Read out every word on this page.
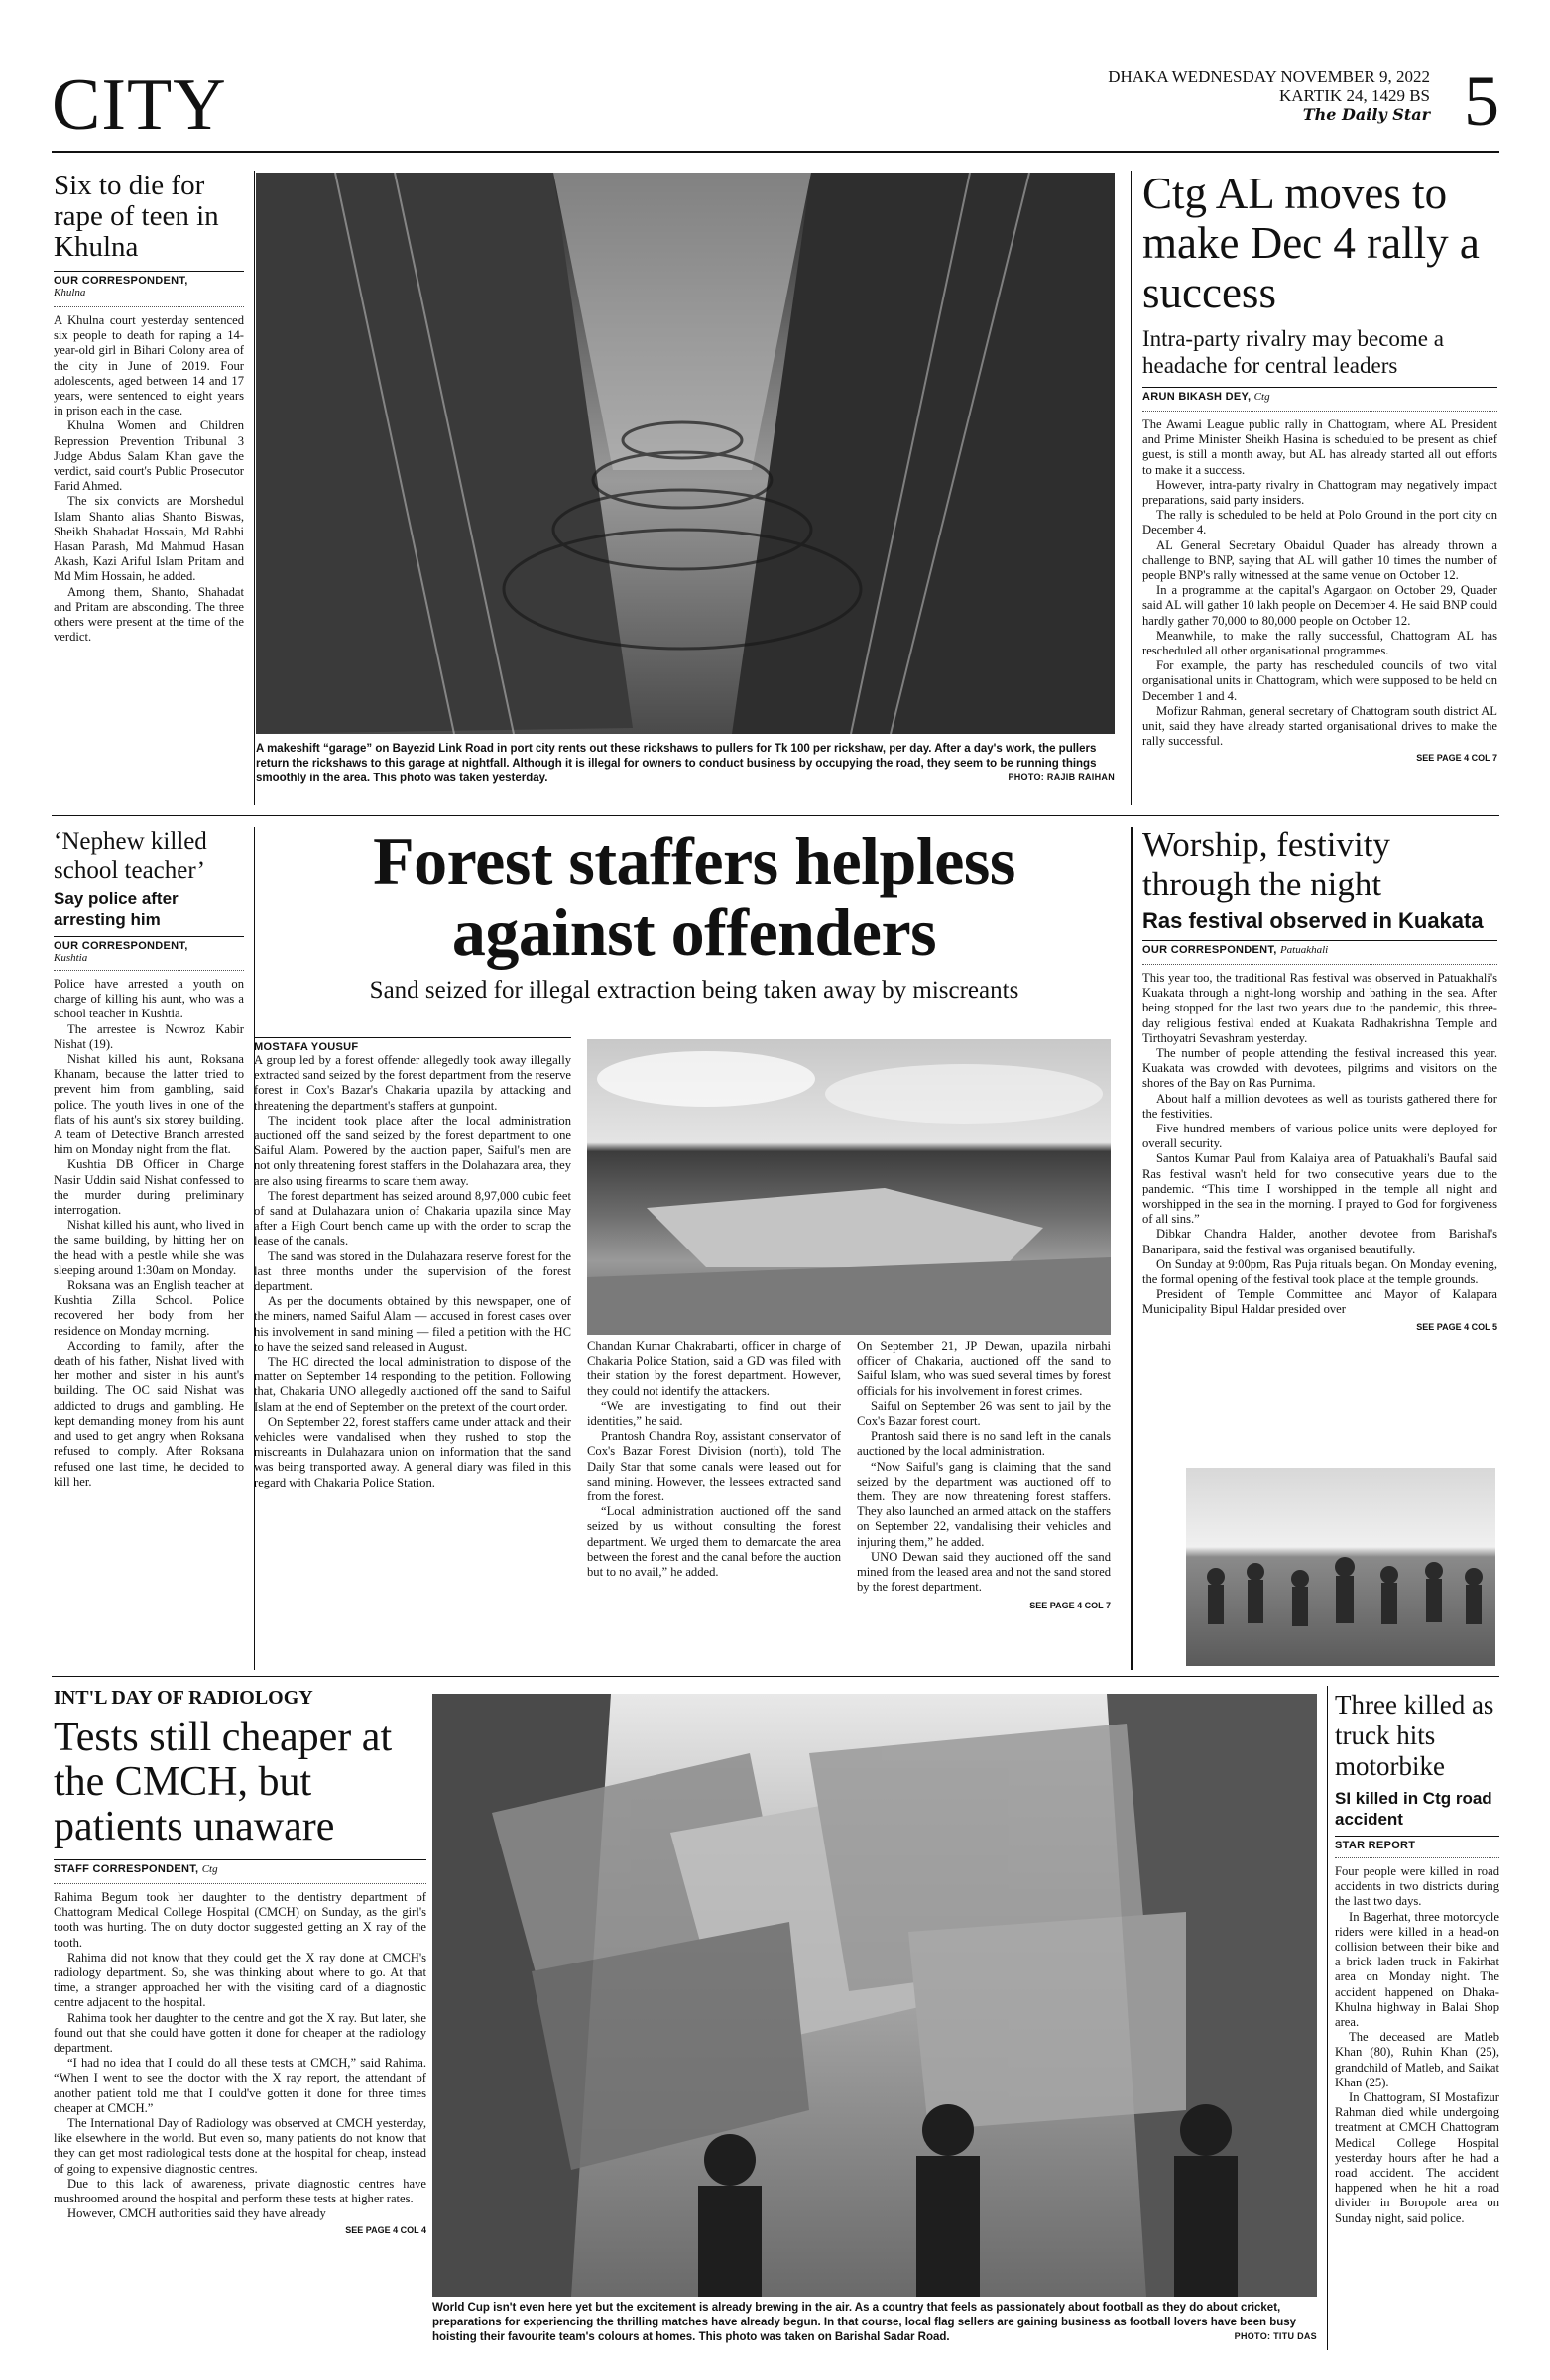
CITY	DHAKA WEDNESDAY NOVEMBER 9, 2022
KARTIK 24, 1429 BS
The Daily Star 5
Six to die for rape of teen in Khulna
OUR CORRESPONDENT,
Khulna

A Khulna court yesterday sentenced six people to death for raping a 14-year-old girl in Bihari Colony area of the city in June of 2019. Four adolescents, aged between 14 and 17 years, were sentenced to eight years in prison each in the case.

Khulna Women and Children Repression Prevention Tribunal 3 Judge Abdus Salam Khan gave the verdict, said court's Public Prosecutor Farid Ahmed.

The six convicts are Morshedul Islam Shanto alias Shanto Biswas, Sheikh Shahadat Hossain, Md Rabbi Hasan Parash, Md Mahmud Hasan Akash, Kazi Ariful Islam Pritam and Md Mim Hossain, he added.

Among them, Shanto, Shahadat and Pritam are absconding. The three others were present at the time of the verdict.

A makeshift “garage” on Bayezid Link Road in port city rents out these rickshaws to pullers for Tk 100 per rickshaw, per day. After a day's work, the pullers return the rickshaws to this garage at nightfall. Although it is illegal for owners to conduct business by occupying the road, they seem to be running things smoothly in the area. This photo was taken yesterday.	PHOTO: RAJIB RAIHAN
Ctg AL moves to make Dec 4 rally a success
Intra-party rivalry may become a headache for central leaders
ARUN BIKASH DEY, Ctg

The Awami League public rally in Chattogram, where AL President and Prime Minister Sheikh Hasina is scheduled to be present as chief guest, is still a month away, but AL has already started all out efforts to make it a success.

However, intra-party rivalry in Chattogram may negatively impact preparations, said party insiders.

The rally is scheduled to be held at Polo Ground in the port city on December 4.

AL General Secretary Obaidul Quader has already thrown a challenge to BNP, saying that AL will gather 10 times the number of people BNP's rally witnessed at the same venue on October 12.

In a programme at the capital's Agargaon on October 29, Quader said AL will gather 10 lakh people on December 4. He said BNP could hardly gather 70,000 to 80,000 people on October 12.

Meanwhile, to make the rally successful, Chattogram AL has rescheduled all other organisational programmes.

For example, the party has rescheduled councils of two vital organisational units in Chattogram, which were supposed to be held on December 1 and 4.

Mofizur Rahman, general secretary of Chattogram south district AL unit, said they have already started organisational drives to make the rally successful.

SEE PAGE 4 COL 7
‘Nephew killed school teacher’
Say police after arresting him
OUR CORRESPONDENT,
Kushtia

Police have arrested a youth on charge of killing his aunt, who was a school teacher in Kushtia.

The arrestee is Nowroz Kabir Nishat (19).

Nishat killed his aunt, Roksana Khanam, because the latter tried to prevent him from gambling, said police. The youth lives in one of the flats of his aunt's six storey building. A team of Detective Branch arrested him on Monday night from the flat.

Kushtia DB Officer in Charge Nasir Uddin said Nishat confessed to the murder during preliminary interrogation.

Nishat killed his aunt, who lived in the same building, by hitting her on the head with a pestle while she was sleeping around 1:30am on Monday.

Roksana was an English teacher at Kushtia Zilla School. Police recovered her body from her residence on Monday morning.

According to family, after the death of his father, Nishat lived with her mother and sister in his aunt's building. The OC said Nishat was addicted to drugs and gambling. He kept demanding money from his aunt and used to get angry when Roksana refused to comply. After Roksana refused one last time, he decided to kill her.

Forest staffers helpless against offenders
Sand seized for illegal extraction being taken away by miscreants
MOSTAFA YOUSUF

A group led by a forest offender allegedly took away illegally extracted sand seized by the forest department from the reserve forest in Cox's Bazar's Chakaria upazila by attacking and threatening the department's staffers at gunpoint.

The incident took place after the local administration auctioned off the sand seized by the forest department to one Saiful Alam. Powered by the auction paper, Saiful's men are not only threatening forest staffers in the Dolahazara area, they are also using firearms to scare them away.

The forest department has seized around 8,97,000 cubic feet of sand at Dulahazara union of Chakaria upazila since May after a High Court bench came up with the order to scrap the lease of the canals.

The sand was stored in the Dulahazara reserve forest for the last three months under the supervision of the forest department.

As per the documents obtained by this newspaper, one of the miners, named Saiful Alam — accused in forest cases over his involvement in sand mining — filed a petition with the HC to have the seized sand released in August.

The HC directed the local administration to dispose of the matter on September 14 responding to the petition. Following that, Chakaria UNO allegedly auctioned off the sand to Saiful Islam at the end of September on the pretext of the court order.

On September 22, forest staffers came under attack and their vehicles were vandalised when they rushed to stop the miscreants in Dulahazara union on information that the sand was being transported away. A general diary was filed in this regard with Chakaria Police Station.

Chandan Kumar Chakrabarti, officer in charge of Chakaria Police Station, said a GD was filed with their station by the forest department. However, they could not identify the attackers.

“We are investigating to find out their identities,” he said.

Prantosh Chandra Roy, assistant conservator of Cox's Bazar Forest Division (north), told The Daily Star that some canals were leased out for sand mining. However, the lessees extracted sand from the forest.

“Local administration auctioned off the sand seized by us without consulting the forest department. We urged them to demarcate the area between the forest and the canal before the auction but to no avail,” he added.

On September 21, JP Dewan, upazila nirbahi officer of Chakaria, auctioned off the sand to Saiful Islam, who was sued several times by forest officials for his involvement in forest crimes.

Saiful on September 26 was sent to jail by the Cox's Bazar forest court.

Prantosh said there is no sand left in the canals auctioned by the local administration.

“Now Saiful's gang is claiming that the sand seized by the department was auctioned off to them. They are now threatening forest staffers. They also launched an armed attack on the staffers on September 22, vandalising their vehicles and injuring them,” he added.

UNO Dewan said they auctioned off the sand mined from the leased area and not the sand stored by the forest department.

SEE PAGE 4 COL 7
Worship, festivity through the night
Ras festival observed in Kuakata
OUR CORRESPONDENT, Patuakhali

This year too, the traditional Ras festival was observed in Patuakhali's Kuakata through a night-long worship and bathing in the sea. After being stopped for the last two years due to the pandemic, this three-day religious festival ended at Kuakata Radhakrishna Temple and Tirthoyatri Sevashram yesterday.

The number of people attending the festival increased this year. Kuakata was crowded with devotees, pilgrims and visitors on the shores of the Bay on Ras Purnima.

About half a million devotees as well as tourists gathered there for the festivities.

Five hundred members of various police units were deployed for overall security.

Santos Kumar Paul from Kalaiya area of Patuakhali's Baufal said Ras festival wasn't held for two consecutive years due to the pandemic. “This time I worshipped in the temple all night and worshipped in the sea in the morning. I prayed to God for forgiveness of all sins.”

Dibkar Chandra Halder, another devotee from Barishal's Banaripara, said the festival was organised beautifully.

On Sunday at 9:00pm, Ras Puja rituals began. On Monday evening, the formal opening of the festival took place at the temple grounds.

President of Temple Committee and Mayor of Kalapara Municipality Bipul Haldar presided over

SEE PAGE 4 COL 5
INT'L DAY OF RADIOLOGY
Tests still cheaper at the CMCH, but patients unaware
STAFF CORRESPONDENT, Ctg

Rahima Begum took her daughter to the dentistry department of Chattogram Medical College Hospital (CMCH) on Sunday, as the girl's tooth was hurting. The on duty doctor suggested getting an X ray of the tooth.

Rahima did not know that they could get the X ray done at CMCH's radiology department. So, she was thinking about where to go. At that time, a stranger approached her with the visiting card of a diagnostic centre adjacent to the hospital.

Rahima took her daughter to the centre and got the X ray. But later, she found out that she could have gotten it done for cheaper at the radiology department.

“I had no idea that I could do all these tests at CMCH,” said Rahima. “When I went to see the doctor with the X ray report, the attendant of another patient told me that I could've gotten it done for three times cheaper at CMCH.”

The International Day of Radiology was observed at CMCH yesterday, like elsewhere in the world. But even so, many patients do not know that they can get most radiological tests done at the hospital for cheap, instead of going to expensive diagnostic centres.

Due to this lack of awareness, private diagnostic centres have mushroomed around the hospital and perform these tests at higher rates.

However, CMCH authorities said they have already

SEE PAGE 4 COL 4
World Cup isn't even here yet but the excitement is already brewing in the air. As a country that feels as passionately about football as they do about cricket, preparations for experiencing the thrilling matches have already begun. In that course, local flag sellers are gaining business as football lovers have been busy hoisting their favourite team's colours at homes. This photo was taken on Barishal Sadar Road.	PHOTO: TITU DAS
Three killed as truck hits motorbike
SI killed in Ctg road accident
STAR REPORT

Four people were killed in road accidents in two districts during the last two days.

In Bagerhat, three motorcycle riders were killed in a head-on collision between their bike and a brick laden truck in Fakirhat area on Monday night. The accident happened on Dhaka-Khulna highway in Balai Shop area.

The deceased are Matleb Khan (80), Ruhin Khan (25), grandchild of Matleb, and Saikat Khan (25).

In Chattogram, SI Mostafizur Rahman died while undergoing treatment at CMCH Chattogram Medical College Hospital yesterday hours after he had a road accident. The accident happened when he hit a road divider in Boropole area on Sunday night, said police.
